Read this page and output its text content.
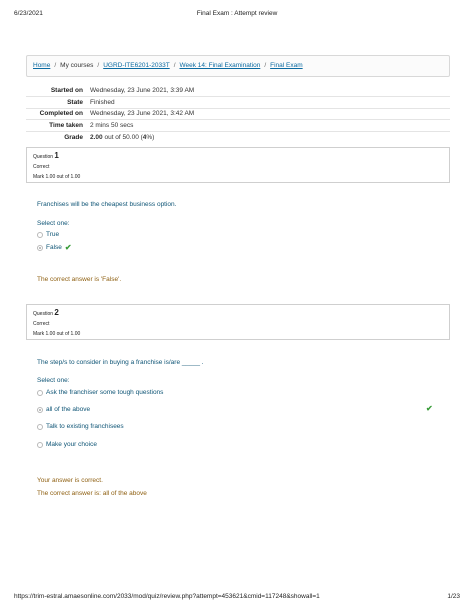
6/23/2021	Final Exam : Attempt review
Home / My courses / UGRD-ITE6201-2033T / Week 14: Final Examination / Final Exam
Started on	Wednesday, 23 June 2021, 3:39 AM
State	Finished
Completed on	Wednesday, 23 June 2021, 3:42 AM
Time taken	2 mins 50 secs
Grade	2.00 out of 50.00 (4%)
Question 1
Correct
Mark 1.00 out of 1.00
Franchises will be the cheapest business option.
Select one:
True
False ✔
The correct answer is 'False'.
Question 2
Correct
Mark 1.00 out of 1.00
The step/s to consider in buying a franchise is/are _____ .
Select one:
Ask the franchiser some tough questions
all of the above	✔
Talk to existing franchisees
Make your choice
Your answer is correct.
The correct answer is: all of the above
https://trim-estral.amaesonline.com/2033/mod/quiz/review.php?attempt=453621&cmid=117248&showall=1	1/23
